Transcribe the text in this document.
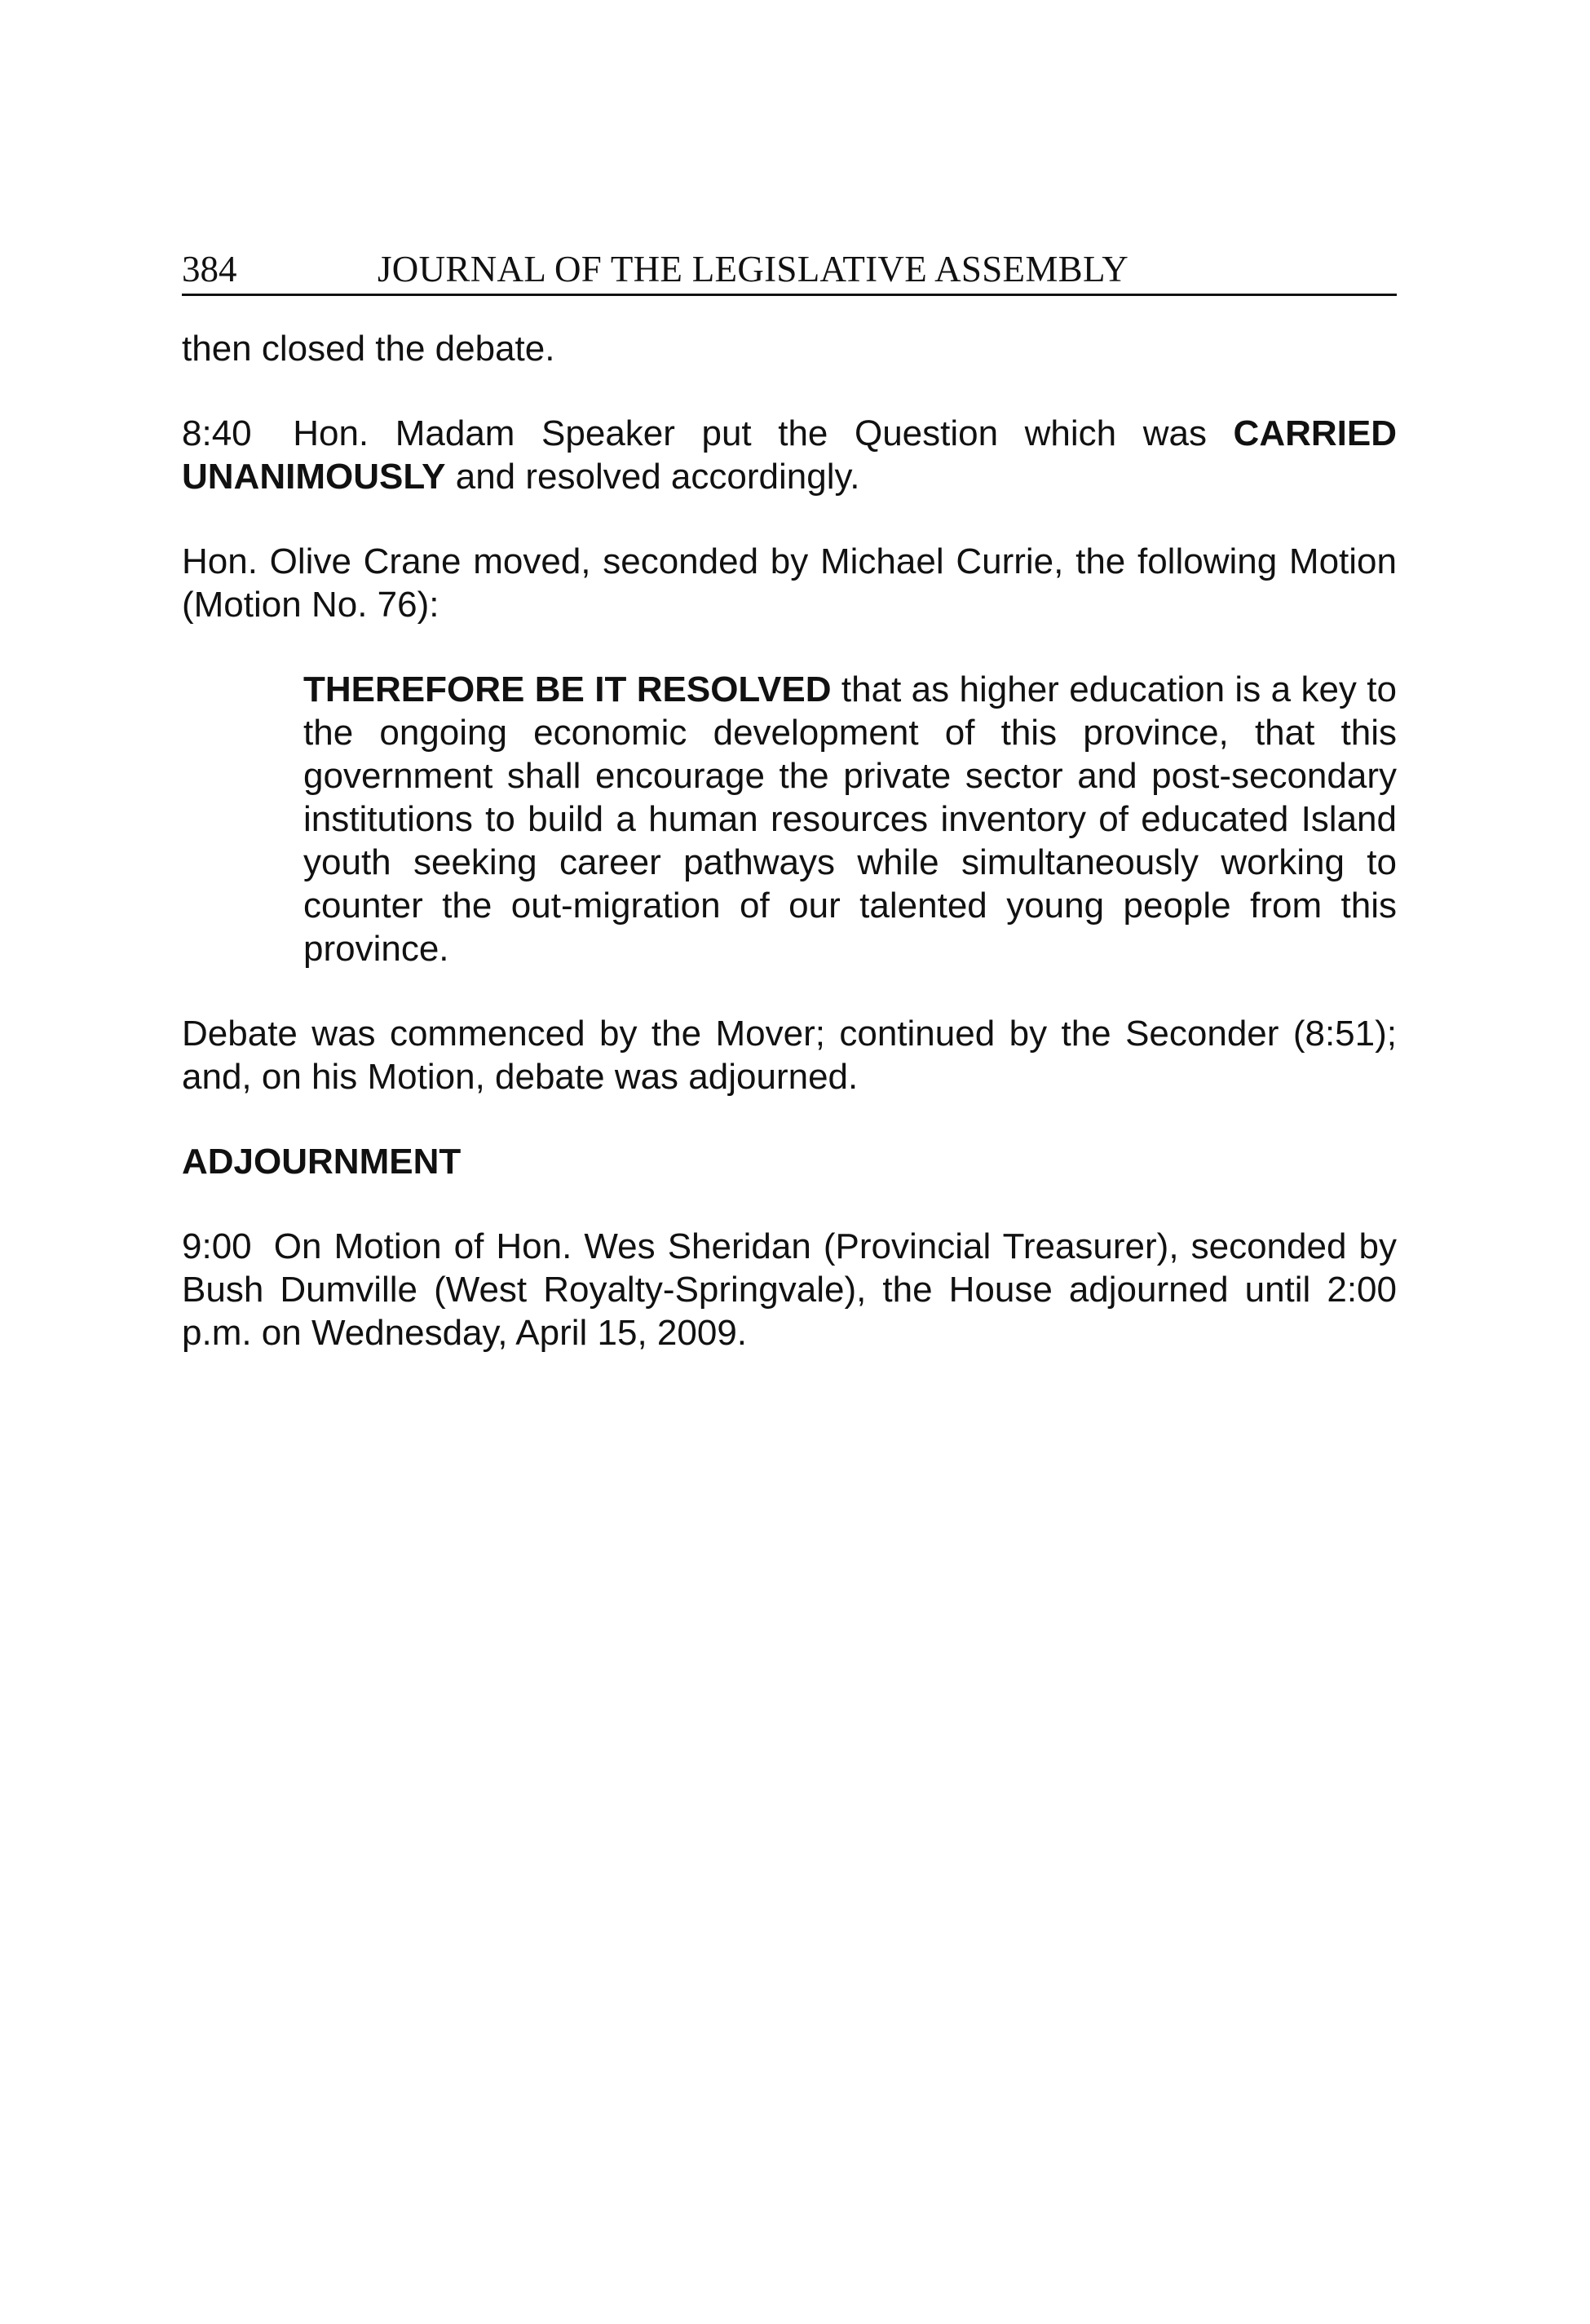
384	JOURNAL OF THE LEGISLATIVE ASSEMBLY

then closed the debate.

8:40 Hon. Madam Speaker put the Question which was CARRIED UNANIMOUSLY and resolved accordingly.

Hon. Olive Crane moved, seconded by Michael Currie, the following Motion (Motion No. 76):

THEREFORE BE IT RESOLVED that as higher education is a key to the ongoing economic development of this province, that this government shall encourage the private sector and post-secondary institutions to build a human resources inventory of educated Island youth seeking career pathways while simultaneously working to counter the out-migration of our talented young people from this province.

Debate was commenced by the Mover; continued by the Seconder (8:51); and, on his Motion, debate was adjourned.

ADJOURNMENT

9:00 On Motion of Hon. Wes Sheridan (Provincial Treasurer), seconded by Bush Dumville (West Royalty-Springvale), the House adjourned until 2:00 p.m. on Wednesday, April 15, 2009.
